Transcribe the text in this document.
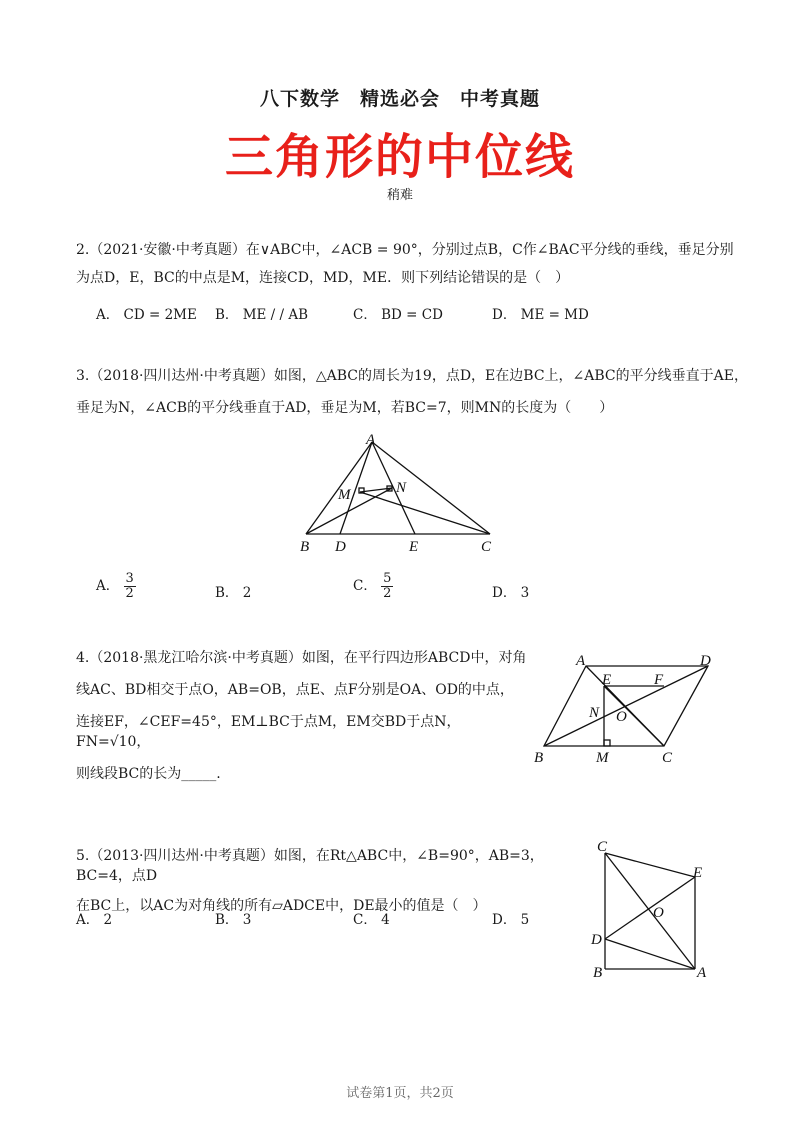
八下数学　精选必会　中考真题
三角形的中位线
稍难
2.（2021·安徽·中考真题）在∨ABC中，∠ACB = 90°，分别过点B，C作∠BAC平分线的垂线，垂足分别
为点D，E，BC的中点是M，连接CD，MD，ME．则下列结论错误的是（　）
A． CD = 2ME B． ME / / AB	C． BD = CD	D． ME = MD
3.（2018·四川达州·中考真题）如图，△ABC的周长为19，点D，E在边BC上，∠ABC的平分线垂直于AE，
垂足为N，∠ACB的平分线垂直于AD，垂足为M，若BC=7，则MN的长度为（　　）
A
M	N
B D	E	C
A． $\frac{3}{2}$	B． 2	C． $\frac{5}{2}$	D． 3
4.（2018·黑龙江哈尔滨·中考真题）如图，在平行四边形ABCD中，对角
线AC、BD相交于点O，AB=OB，点E、点F分别是OA、OD的中点，
连接EF，∠CEF=45°，EM⊥BC于点M，EM交BD于点N，FN=√10，
则线段BC的长为_____.
A	D
E	F
N O
B	M	C
5.（2013·四川达州·中考真题）如图，在Rt△ABC中，∠B=90°，AB=3，BC=4，点D
在BC上，以AC为对角线的所有▱ADCE中，DE最小的值是（　）
A． 2	B． 3	C． 4	D． 5
C
E
O
D
B	A
试卷第1页，共2页
